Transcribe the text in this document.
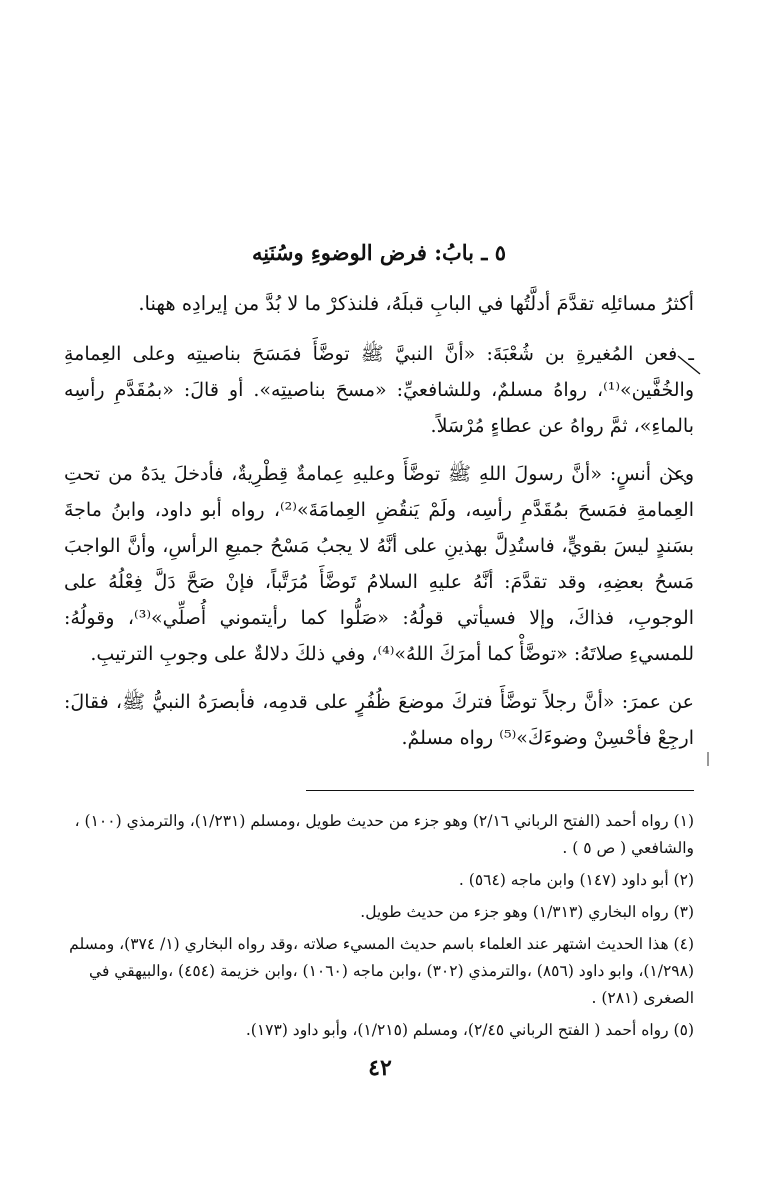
٥ ـ بابُ: فرض الوضوءِ وسُنَنِه

أكثرُ مسائلِه تقدَّمَ أدلَّتُها في البابِ قبلَهُ، فلنذكرْ ما لا بُدَّ من إيرادِه ههنا.

ـ فعن المُغيرةِ بن شُعْبَةَ: «أنَّ النبيَّ ﷺ توضَّأَ فمَسَحَ بناصيتِه وعلى العِمامةِ والخُفَّين»⁽¹⁾، رواهُ مسلمٌ، وللشافعيِّ: «مسحَ بناصيتِه». أو قالَ: «بمُقَدَّمِ رأسِه بالماءِ»، ثمَّ رواهُ عن عطاءٍ مُرْسَلاً.

وعن أنسٍ: «أنَّ رسولَ اللهِ ﷺ توضَّأَ وعليهِ عِمامةٌ قِطْرِيةٌ، فأدخلَ يدَهُ من تحتِ العِمامةِ فمَسحَ بمُقَدَّمِ رأسِه، ولَمْ يَنقُضِ العِمامَةَ»⁽²⁾، رواه أبو داود، وابنُ ماجةَ بسَندٍ ليسَ بقويٍّ، فاستُدِلَّ بهذينِ على أنَّهُ لا يجبُ مَسْحُ جميعِ الرأسِ، وأنَّ الواجبَ مَسحُ بعضِهِ، وقد تقدَّمَ: أنَّهُ عليهِ السلامُ تَوضَّأَ مُرَتَّباً، فإنْ صَحَّ دَلَّ فِعْلُهُ على الوجوبِ، فذاكَ، وإلا فسيأتي قولُهُ: «صَلُّوا كما رأيتموني أُصلِّي»⁽³⁾، وقولُهُ: للمسيءِ صلاتَهُ: «توضَّأْ كما أمرَكَ اللهُ»⁽⁴⁾، وفي ذلكَ دلالةٌ على وجوبِ الترتيبِ.

عن عمرَ: «أنَّ رجلاً توضَّأَ فتركَ موضعَ ظُفُرٍ على قدمِه، فأبصرَهُ النبيُّ ﷺ، فقالَ: ارجِعْ فأحْسِنْ وضوءَكَ»⁽⁵⁾ رواه مسلمٌ.

(١) رواه أحمد (الفتح الرباني ٢/١٦) وهو جزء من حديث طويل ،ومسلم (١/٢٣١)، والترمذي (١٠٠) ، والشافعي ( ص ٥ ) .

(٢) أبو داود (١٤٧) وابن ماجه (٥٦٤) .

(٣) رواه البخاري (١/٣١٣) وهو جزء من حديث طويل.

(٤) هذا الحديث اشتهر عند العلماء باسم حديث المسيء صلاته ،وقد رواه البخاري (١/ ٣٧٤)، ومسلم (١/٢٩٨)، وابو داود (٨٥٦) ،والترمذي (٣٠٢) ،وابن ماجه (١٠٦٠) ،وابن خزيمة (٤٥٤) ،والبيهقي في الصغرى (٢٨١) .

(٥) رواه أحمد ( الفتح الرباني ٢/٤٥)، ومسلم (١/٢١٥)، وأبو داود (١٧٣).

٤٢
